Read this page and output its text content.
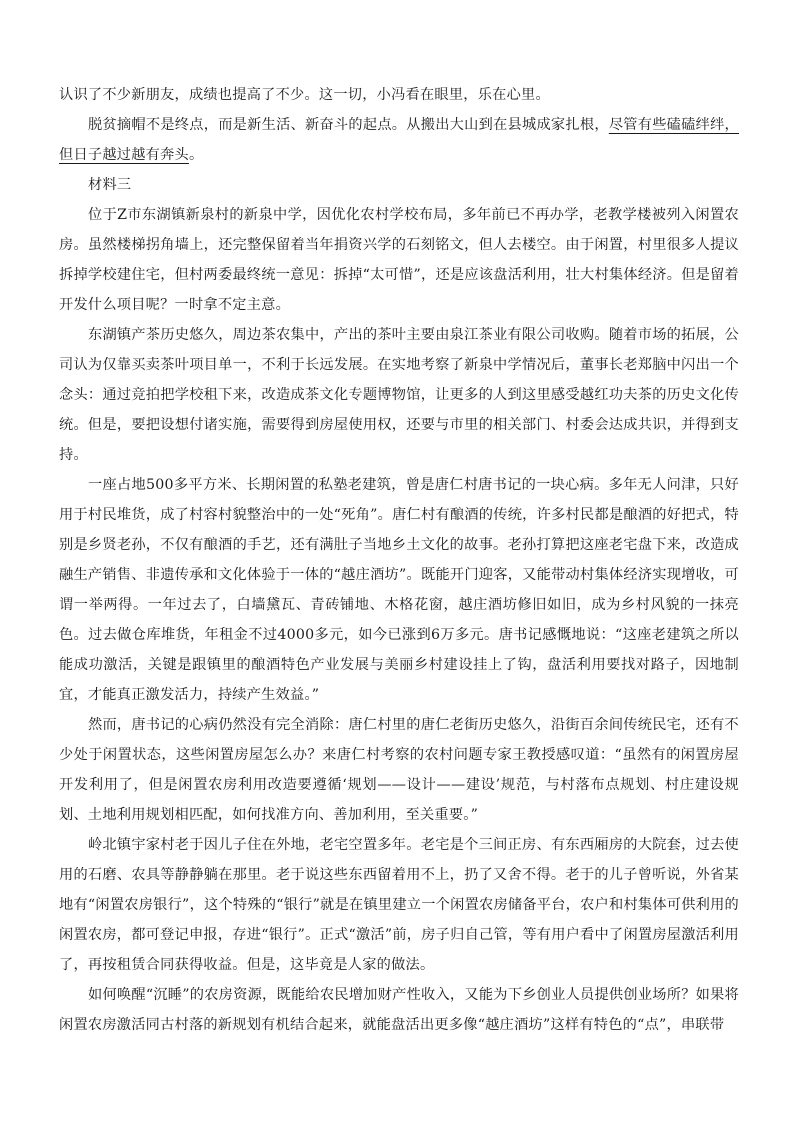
认识了不少新朋友，成绩也提高了不少。这一切，小冯看在眼里，乐在心里。

脱贫摘帽不是终点，而是新生活、新奋斗的起点。从搬出大山到在县城成家扎根，尽管有些磕磕绊绊，但日子越过越有奔头。

材料三

位于Z市东湖镇新泉村的新泉中学，因优化农村学校布局，多年前已不再办学，老教学楼被列入闲置农房。虽然楼梯拐角墙上，还完整保留着当年捐资兴学的石刻铭文，但人去楼空。由于闲置，村里很多人提议拆掉学校建住宅，但村两委最终统一意见：拆掉“太可惜”，还是应该盘活利用，壮大村集体经济。但是留着开发什么项目呢？一时拿不定主意。

东湖镇产茶历史悠久，周边茶农集中，产出的茶叶主要由泉江茶业有限公司收购。随着市场的拓展，公司认为仅靠买卖茶叶项目单一，不利于长远发展。在实地考察了新泉中学情况后，董事长老郑脑中闪出一个念头：通过竞拍把学校租下来，改造成茶文化专题博物馆，让更多的人到这里感受越红功夫茶的历史文化传统。但是，要把设想付诸实施，需要得到房屋使用权，还要与市里的相关部门、村委会达成共识，并得到支持。

一座占地500多平方米、长期闲置的私塾老建筑，曾是唐仁村唐书记的一块心病。多年无人问津，只好用于村民堆货，成了村容村貌整治中的一处“死角”。唐仁村有酿酒的传统，许多村民都是酿酒的好把式，特别是乡贤老孙，不仅有酿酒的手艺，还有满肚子当地乡土文化的故事。老孙打算把这座老宅盘下来，改造成融生产销售、非遗传承和文化体验于一体的“越庄酒坊”。既能开门迎客，又能带动村集体经济实现增收，可谓一举两得。一年过去了，白墙黛瓦、青砖铺地、木格花窗，越庄酒坊修旧如旧，成为乡村风貌的一抹亮色。过去做仓库堆货，年租金不过4000多元，如今已涨到6万多元。唐书记感慨地说：“这座老建筑之所以能成功激活，关键是跟镇里的酿酒特色产业发展与美丽乡村建设挂上了钩，盘活利用要找对路子，因地制宜，才能真正激发活力，持续产生效益。”

然而，唐书记的心病仍然没有完全消除：唐仁村里的唐仁老街历史悠久，沿街百余间传统民宅，还有不少处于闲置状态，这些闲置房屋怎么办？来唐仁村考察的农村问题专家王教授感叹道：“虽然有的闲置房屋开发利用了，但是闲置农房利用改造要遵循‘规划——设计——建设’规范，与村落布点规划、村庄建设规划、土地利用规划相匹配，如何找准方向、善加利用，至关重要。”

岭北镇宇家村老于因儿子住在外地，老宅空置多年。老宅是个三间正房、有东西厢房的大院套，过去使用的石磨、农具等静静躺在那里。老于说这些东西留着用不上，扔了又舍不得。老于的儿子曾听说，外省某地有“闲置农房银行”，这个特殊的“银行”就是在镇里建立一个闲置农房储备平台，农户和村集体可供利用的闲置农房，都可登记申报，存进“银行”。正式“激活”前，房子归自己管，等有用户看中了闲置房屋激活利用了，再按租赁合同获得收益。但是，这毕竟是人家的做法。

如何唤醒“沉睡”的农房资源，既能给农民增加财产性收入，又能为下乡创业人员提供创业场所？如果将闲置农房激活同古村落的新规划有机结合起来，就能盘活出更多像“越庄酒坊”这样有特色的“点”，串联带
